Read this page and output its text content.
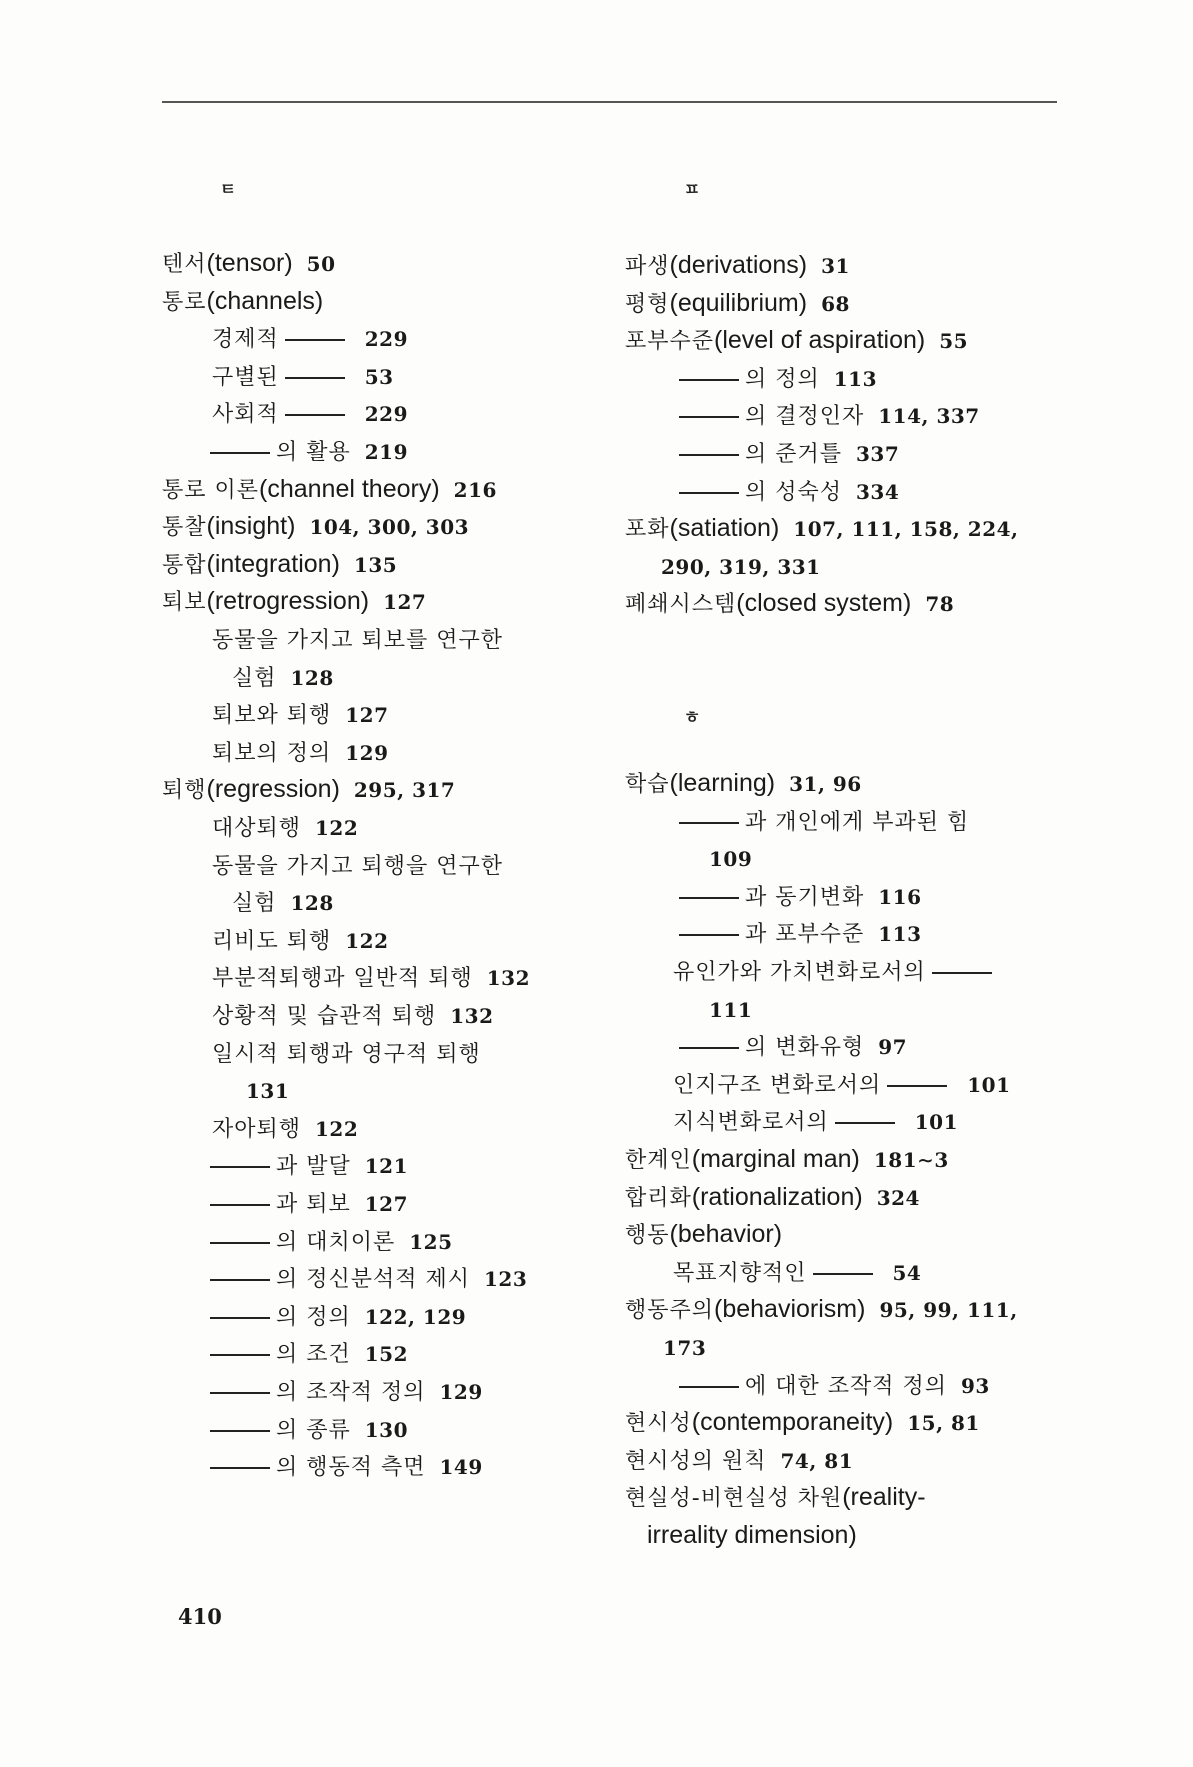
ㅌ	ㅍ
ㅎ
텐서(tensor) 50
통로(channels)
경제적	229
구별된	53
사회적	229
의 활용 219
통로 이론(channel theory) 216
통찰(insight) 104, 300, 303
통합(integration) 135
퇴보(retrogression) 127
동물을 가지고 퇴보를 연구한
실험 128
퇴보와 퇴행 127
퇴보의 정의 129
퇴행(regression) 295, 317
대상퇴행 122
동물을 가지고 퇴행을 연구한
실험 128
리비도 퇴행 122
부분적퇴행과 일반적 퇴행 132
상황적 및 습관적 퇴행 132
일시적 퇴행과 영구적 퇴행
131
자아퇴행 122
과 발달 121
과 퇴보 127
의 대치이론 125
의 정신분석적 제시 123
의 정의 122, 129
의 조건 152
의 조작적 정의 129
의 종류 130
의 행동적 측면 149
파생(derivations) 31
평형(equilibrium) 68
포부수준(level of aspiration) 55
의 정의 113
의 결정인자 114, 337
의 준거틀 337
의 성숙성 334
포화(satiation) 107, 111, 158, 224,
290, 319, 331
폐쇄시스템(closed system) 78
학습(learning) 31, 96
과 개인에게 부과된 힘
109
과 동기변화 116
과 포부수준 113
유인가와 가치변화로서의
111
의 변화유형 97
인지구조 변화로서의	101
지식변화로서의	101
한계인(marginal man) 181∼3
합리화(rationalization) 324
행동(behavior)
목표지향적인	54
행동주의(behaviorism) 95, 99, 111,
173
에 대한 조작적 정의 93
현시성(contemporaneity) 15, 81
현시성의 원칙 74, 81
현실성-비현실성 차원(reality-
irreality dimension)
410
